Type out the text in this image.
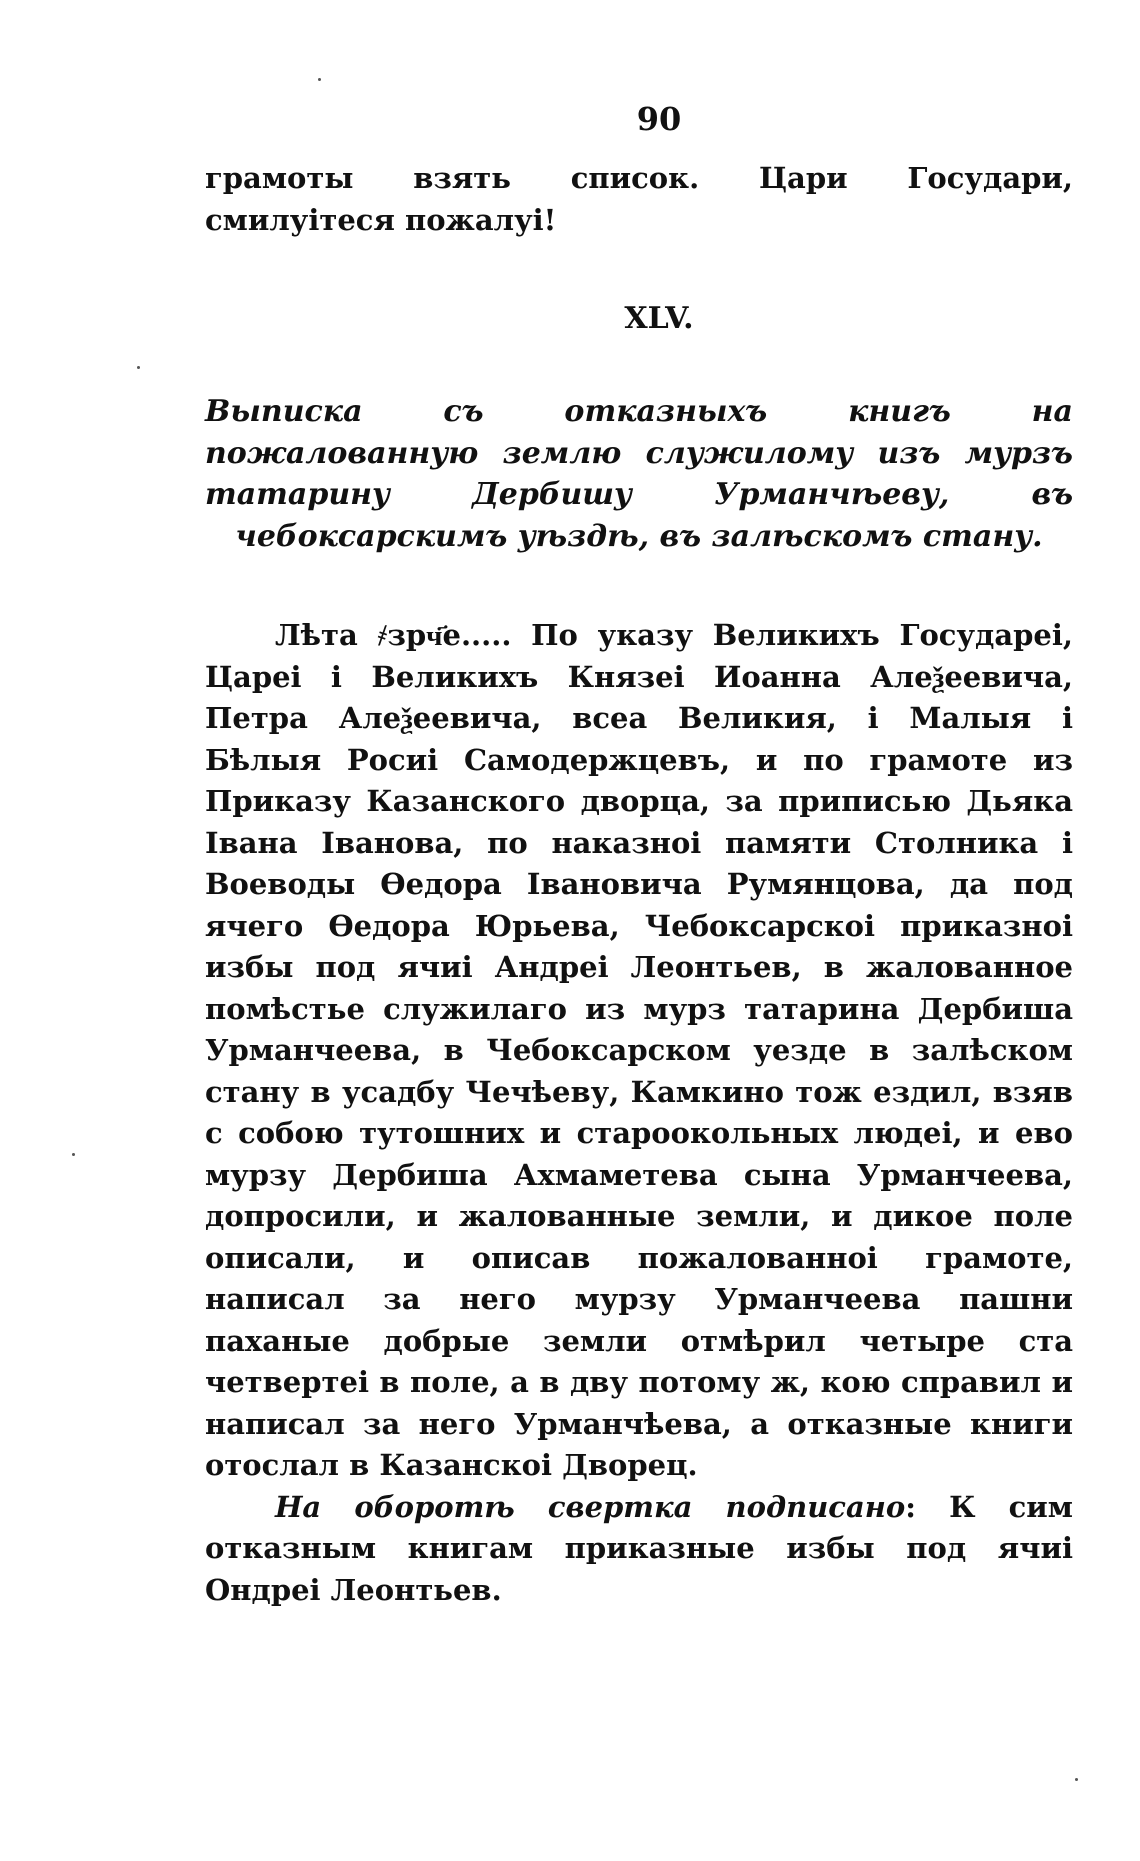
90

грамоты взять список. Цари Государи, смилуітеся пожалуі!

XLV.

Выписка съ отказныхъ книгъ на пожалованную землю служилому изъ мурзъ татарину Дербишу Урманчѣеву, въ чебоксарскимъ уѣздѣ, въ залѣскомъ стану.

Лѣта ҂зрч҃е..... По указу Великихъ Государеі, Цареі і Великихъ Князеі Иоанна Алеѯеевича, Петра Алеѯеевича, всеа Великия, і Малыя і Бѣлыя Росиі Самодержцевъ, и по грамоте из Приказу Казанского дворца, за приписью Дьяка Івана Іванова, по наказноі памяти Столника і Воеводы Ѳедора Івановича Румянцова, да под ячего Ѳедора Юрьева, Чебоксарскоі приказноі избы под ячиі Андреі Леонтьев, в жалованное помѣстье служилаго из мурз татарина Дербиша Урманчеева, в Чебоксарском уезде в залѣском стану в усадбу Чечѣеву, Камкино тож ездил, взяв с собою тутошних и староокольных людеі, и ево мурзу Дербиша Ахмаметева сына Урманчеева, допросили, и жалованные земли, и дикое поле описали, и описав пожалованноі грамоте, написал за него мурзу Урманчеева пашни паханые добрые земли отмѣрил четыре ста четвертеі в поле, а в дву потому ж, кою справил и написал за него Урманчѣева, а отказные книги отослал в Казанскоі Дворец.

На оборотѣ свертка подписано: К сим отказным книгам приказные избы под ячиі Ондреі Леонтьев.
